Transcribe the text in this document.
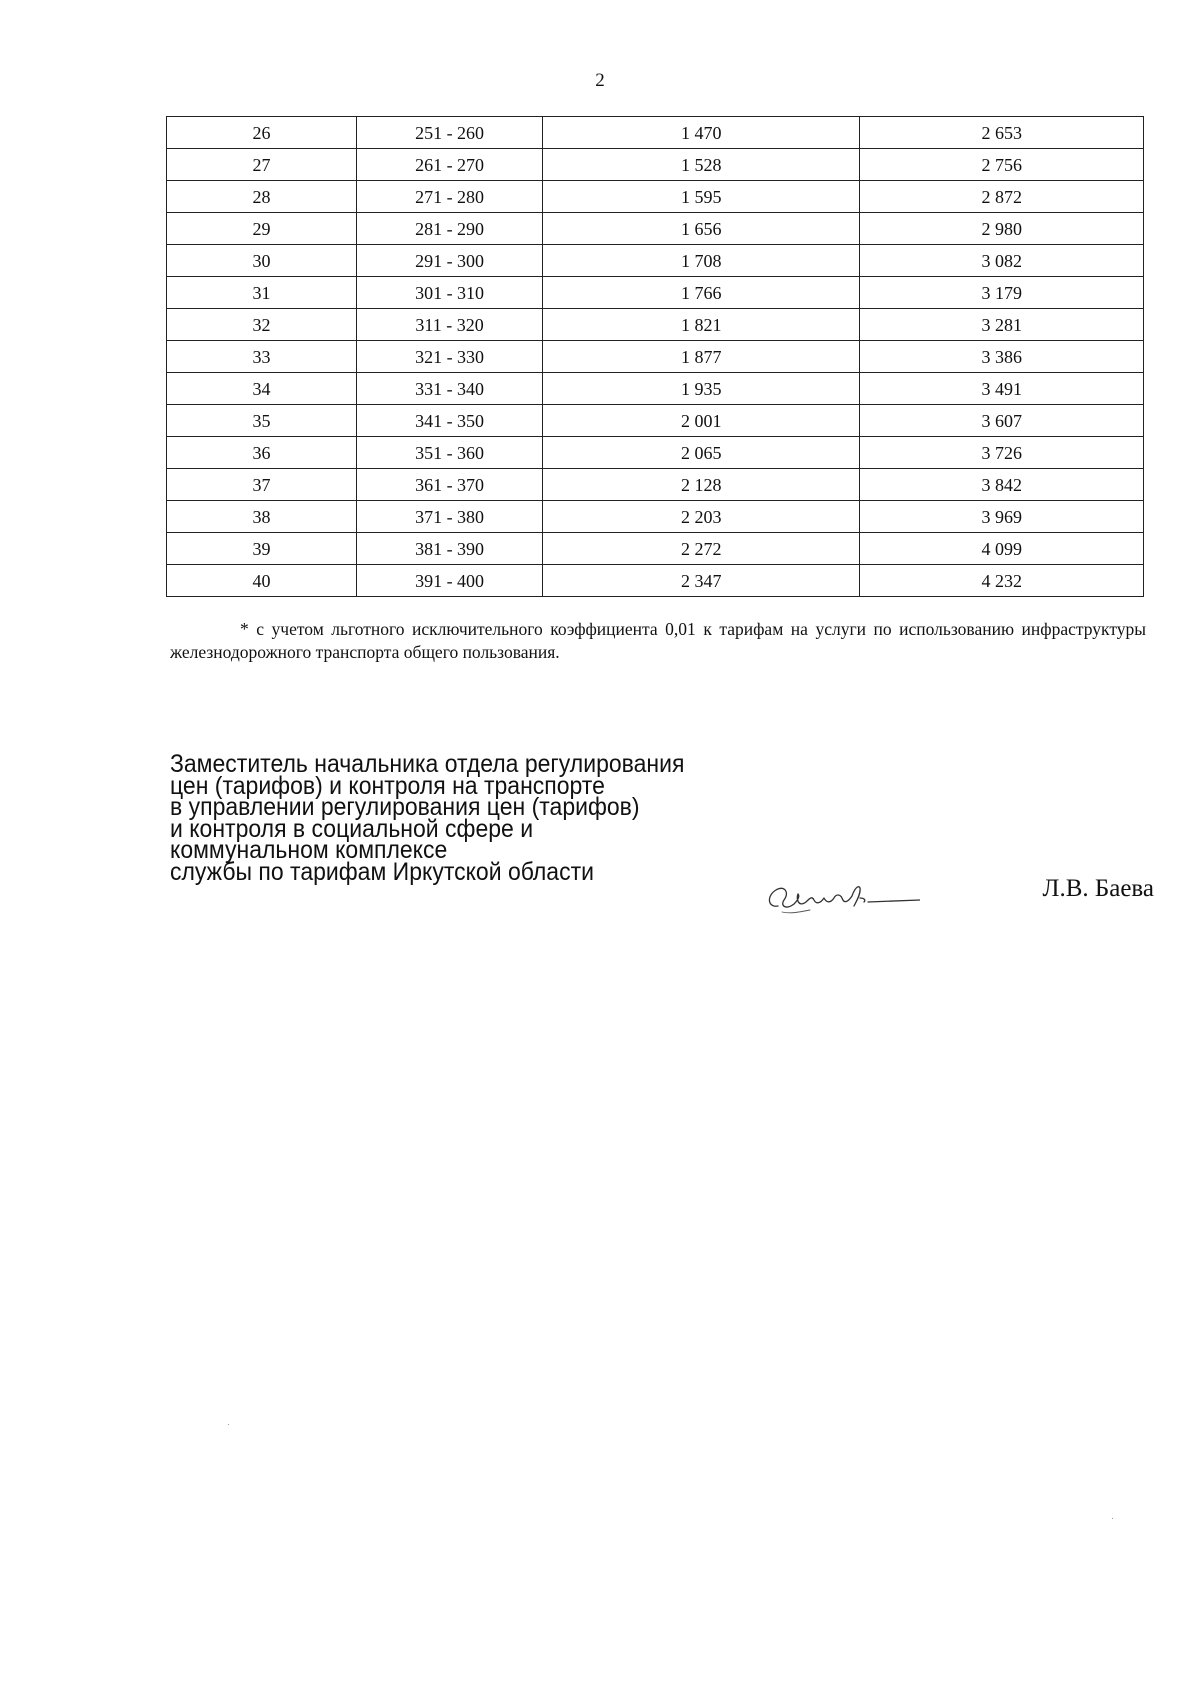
2
26	251 - 260	1 470	2 653
27	261 - 270	1 528	2 756
28	271 - 280	1 595	2 872
29	281 - 290	1 656	2 980
30	291 - 300	1 708	3 082
31	301 - 310	1 766	3 179
32	311 - 320	1 821	3 281
33	321 - 330	1 877	3 386
34	331 - 340	1 935	3 491
35	341 - 350	2 001	3 607
36	351 - 360	2 065	3 726
37	361 - 370	2 128	3 842
38	371 - 380	2 203	3 969
39	381 - 390	2 272	4 099
40	391 - 400	2 347	4 232
* с учетом льготного исключительного коэффициента 0,01 к тарифам на услуги по использованию инфраструктуры железнодорожного транспорта общего пользования.
Заместитель начальника отдела регулирования
цен (тарифов) и контроля на транспорте
в управлении регулирования цен (тарифов)
и контроля в социальной сфере и
коммунальном комплексе
службы по тарифам Иркутской области
Л.В. Баева
